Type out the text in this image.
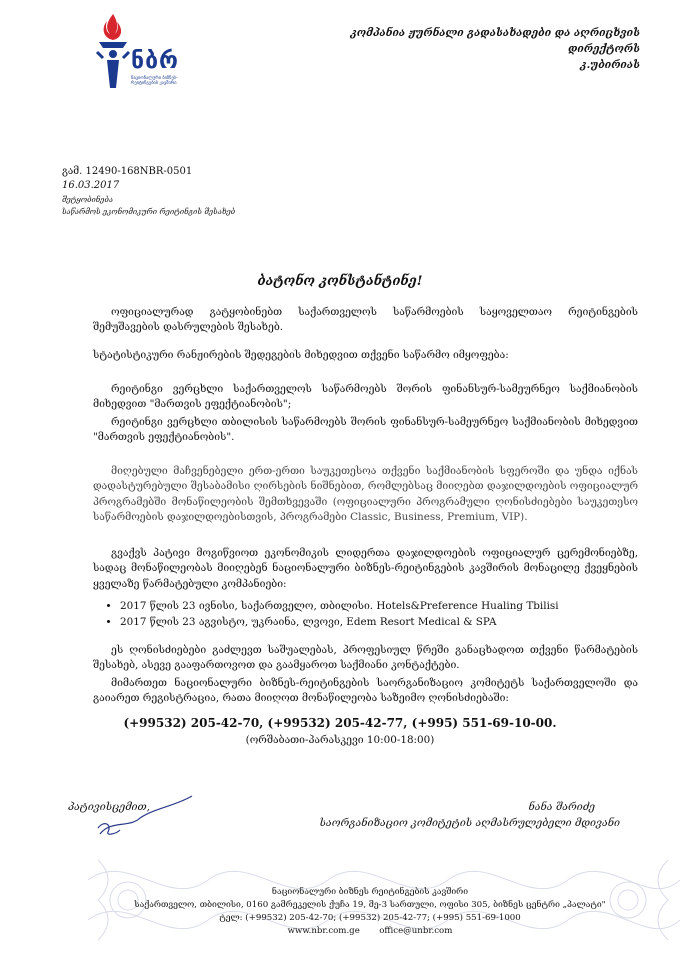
ნბრ
ნაციონალური ბიზნეს-რეიტინგების კავშირი
კომპანია ჟურნალი გადასახადები და აღრიცხვის
დირექტორს
კ.უბირიას
გამ. 12490-168NBR-0501
16.03.2017
შეტყობინება
საწარმოს ეკონომიკური რეიტინგის შესახებ
ბატონო კონსტანტინე!
ოფიციალურად გატყობინებთ საქართველოს საწარმოების საყოველთაო რეიტინგების შემუშავების დასრულების შესახებ.
სტატისტიკური რანჟირების შედეგების მიხედვით თქვენი საწარმო იმყოფება:
რეიტინგი ვერცხლი საქართველოს საწარმოებს შორის ფინანსურ-სამეურნეო საქმიანობის მიხედვით "მართვის ეფექტიანობის";
რეიტინგი ვერცხლი თბილისის საწარმოებს შორის ფინანსურ-სამეურნეო საქმიანობის მიხედვით "მართვის ეფექტიანობის".
მიღებული მაჩვენებელი ერთ-ერთი საუკეთესოა თქვენი საქმიანობის სფეროში და უნდა იქნას დადასტურებული შესაბამისი ღირსების ნიშნებით, რომლებსაც მიიღებთ დაჯილდოების ოფიციალურ პროგრამებში მონაწილეობის შემთხვევაში (ოფიციალური პროგრამული ღონისძიებები საუკეთესო საწარმოების დაჯილდოებისთვის, პროგრამები Classic, Business, Premium, VIP).
გვაქვს პატივი მოგიწვიოთ ეკონომიკის ლიდერთა დაჯილდოების ოფიციალურ ცერემონიებზე, სადაც მონაწილეობას მიიღებენ ნაციონალური ბიზნეს-რეიტინგების კავშირის მონაცილე ქვეყნების ყველაზე წარმატებული კომპანიები:
• 2017 წლის 23 ივნისი, საქართველო, თბილისი. Hotels&Preference Hualing Tbilisi
• 2017 წლის 23 აგვისტო, უკრაინა, ლვოვი, Edem Resort Medical & SPA
ეს ღონისძიებები გაძლევთ საშუალებას, პროფესიულ წრეში განაცხადოთ თქვენი წარმატების შესახებ, ასევე გააფართოვოთ და გაამყაროთ საქმიანი კონტაქტები.
მიმართეთ ნაციონალური ბიზნეს-რეიტინგების საორგანიზაციო კომიტეტს საქართველოში და გაიარეთ რეგისტრაცია, რათა მიიღოთ მონაწილეობა საზეიმო ღონისძიებაში:
(+99532) 205-42-70, (+99532) 205-42-77, (+995) 551-69-10-00.
(ორშაბათი-პარასკევი 10:00-18:00)
პატივისცემით,	ნანა შარიძე
საორგანიზაციო კომიტეტის აღმასრულებელი მდივანი
ნაციონალური ბიზნეს რეიტინგების კავშირი
საქართველო, თბილისი, 0160 გამრეკელის ქუჩა 19, მე-3 სართული, ოფისი 305, ბიზნეს ცენტრი „პალატი"
ტელ: (+99532) 205-42-70; (+99532) 205-42-77; (+995) 551-69-1000
www.nbr.com.ge office@unbr.com
